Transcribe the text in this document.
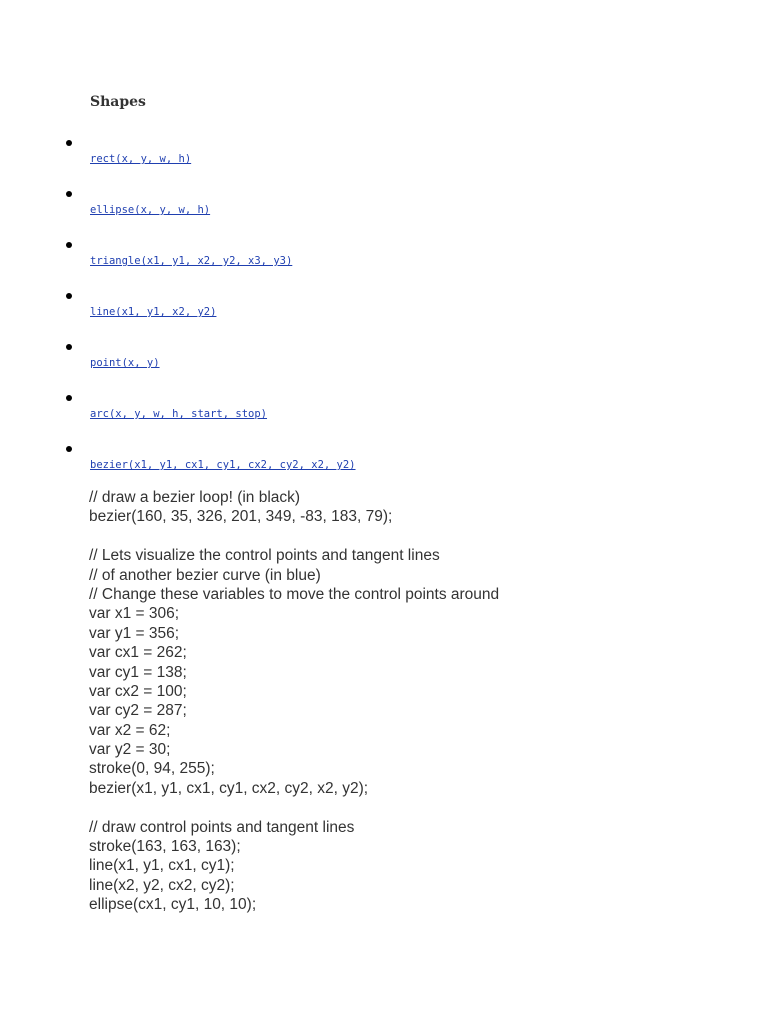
Shapes
rect(x, y, w, h)
ellipse(x, y, w, h)
triangle(x1, y1, x2, y2, x3, y3)
line(x1, y1, x2, y2)
point(x, y)
arc(x, y, w, h, start, stop)
bezier(x1, y1, cx1, cy1, cx2, cy2, x2, y2)
// draw a bezier loop! (in black)
bezier(160, 35, 326, 201, 349, -83, 183, 79);
// Lets visualize the control points and tangent lines
// of another bezier curve (in blue)
// Change these variables to move the control points around
var x1 = 306;
var y1 = 356;
var cx1 = 262;
var cy1 = 138;
var cx2 = 100;
var cy2 = 287;
var x2 = 62;
var y2 = 30;
stroke(0, 94, 255);
bezier(x1, y1, cx1, cy1, cx2, cy2, x2, y2);
// draw control points and tangent lines
stroke(163, 163, 163);
line(x1, y1, cx1, cy1);
line(x2, y2, cx2, cy2);
ellipse(cx1, cy1, 10, 10);
